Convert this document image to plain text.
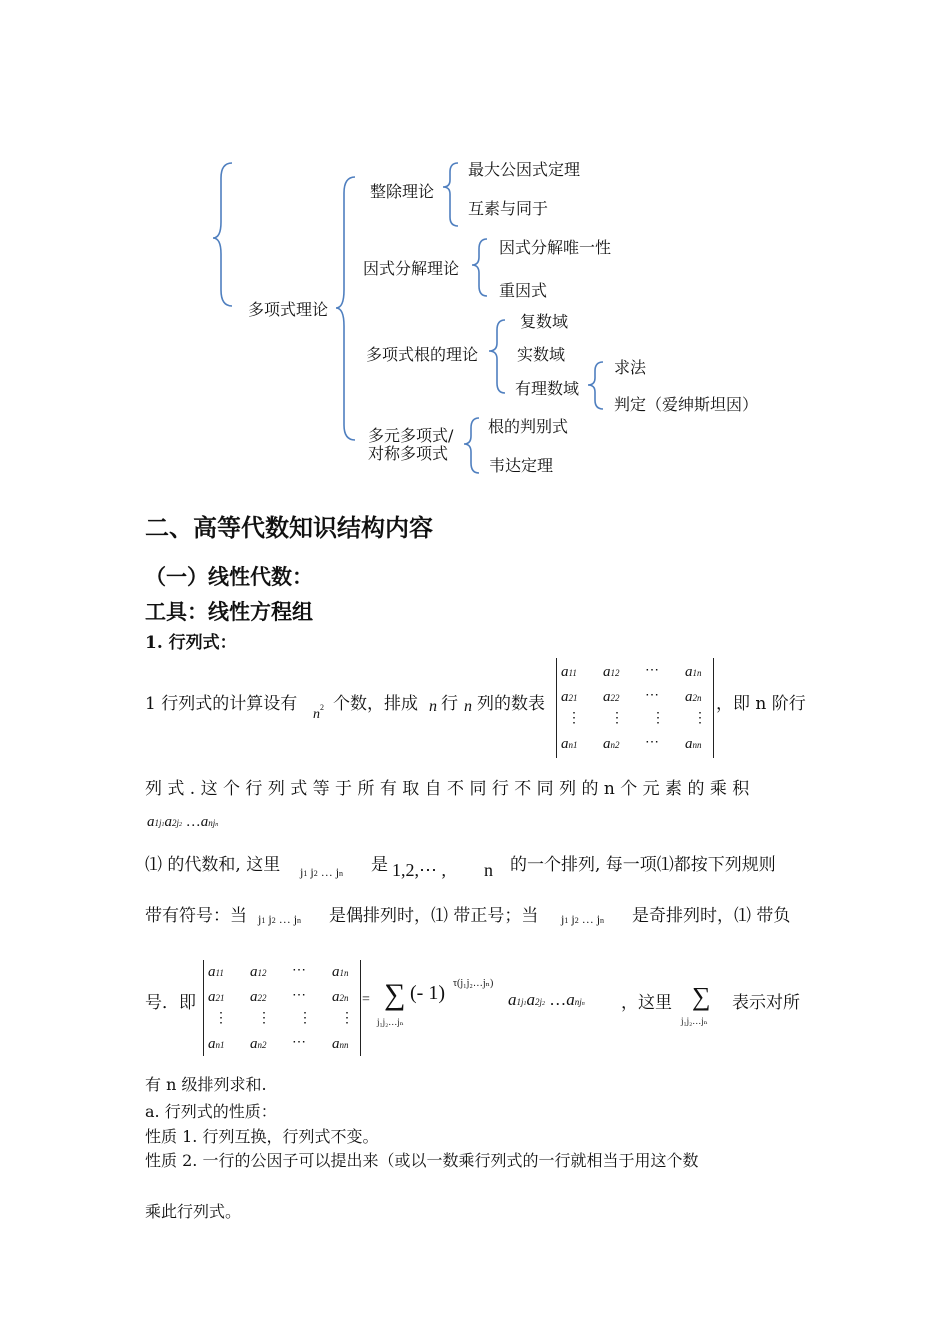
多项式理论
整除理论
最大公因式定理
互素与同于
因式分解理论
因式分解唯一性
重因式
多项式根的理论
复数域
实数域
有理数域
求法
判定（爱绅斯坦因）
多元多项式/
对称多项式
根的判别式
韦达定理
二、高等代数知识结构内容
（一）线性代数：
工具：线性方程组
1. 行列式：
1 行列式的计算设有
$n^2$ 个数，排成 n 行 n 列的数表
a11 a12 ⋯ a1n
a21 a22 ⋯ a2n
⋮ ⋮ ⋮ ⋮
an1 an2 ⋯ ann
，即 n 阶行
列 式 . 这 个 行 列 式 等 于 所 有 取 自 不 同 行 不 同 列 的 n 个 元 素 的 乘 积
a1j1a2j2 …anjn
⑴ 的代数和, 这里 j1 j2 … jn 是 1,2,⋯ , n 的一个排列, 每一项⑴都按下列规则
带有符号：当 j1 j2 … jn 是偶排列时，⑴ 带正号；当 j1 j2 … jn 是奇排列时，⑴ 带负
号．即
a11 a12 ⋯ a1n
a21 a22 ⋯ a2n
⋮ ⋮ ⋮ ⋮
an1 an2 ⋯ ann
= ∑
j₁j₂…jₙ
(- 1) τ(j₁j₂…jₙ)
a1j1a2j2 …anjn ，这里 ∑
j₁j₂…jₙ
表示对所
有 n 级排列求和.
a. 行列式的性质：
性质 1. 行列互换，行列式不变。
性质 2. 一行的公因子可以提出来（或以一数乘行列式的一行就相当于用这个数
乘此行列式。
